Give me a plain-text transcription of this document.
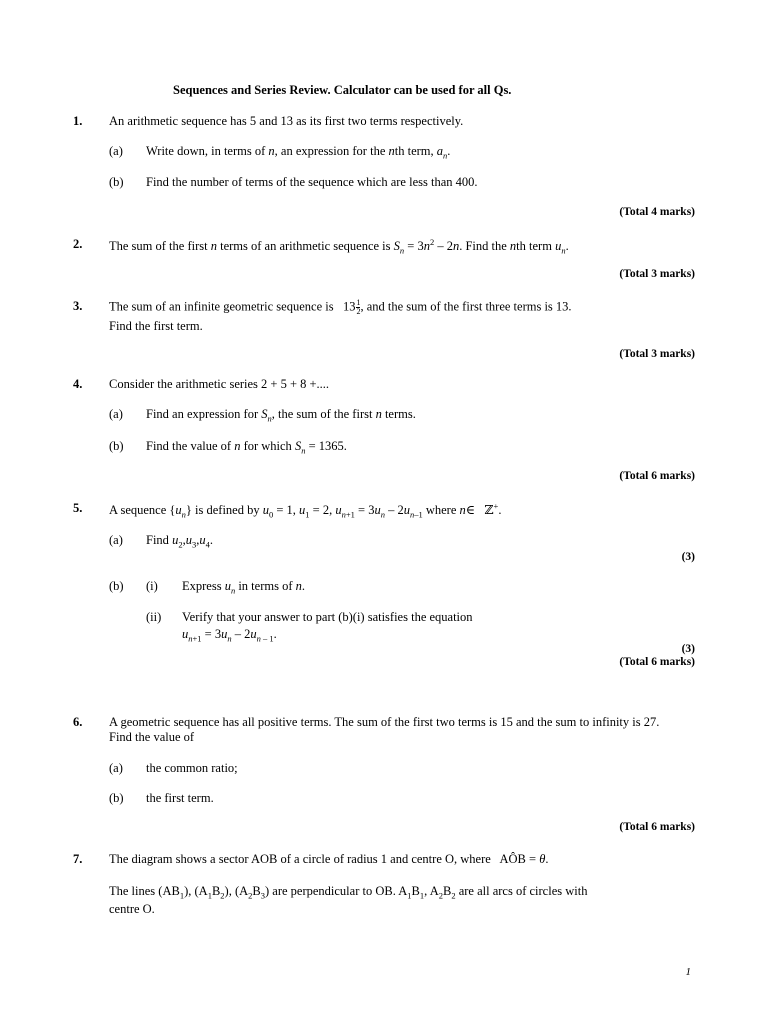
Sequences and Series Review. Calculator can be used for all Qs.
1. An arithmetic sequence has 5 and 13 as its first two terms respectively.
(a) Write down, in terms of n, an expression for the nth term, $a_n$.
(b) Find the number of terms of the sequence which are less than 400.
(Total 4 marks)
2. The sum of the first n terms of an arithmetic sequence is $S_n = 3n^2 - 2n$. Find the nth term $u_n$.
(Total 3 marks)
3. The sum of an infinite geometric sequence is $13 \frac{1}{2}$ , and the sum of the first three terms is 13.
Find the first term.
(Total 3 marks)
4. Consider the arithmetic series 2 + 5 + 8 +....
(a) Find an expression for $S_n$, the sum of the first n terms.
(b) Find the value of n for which $S_n = 1365$.
(Total 6 marks)
5. A sequence $\{u_n\}$ is defined by $u_0 = 1$, $u_1 = 2$, $u_{n+1} = 3u_n - 2u_{n-1}$ where n∈ ℤ+.
(a) Find $u_2,u_3,u_4$.
(3)
(b) (i) Express $u_n$ in terms of n.
(ii) Verify that your answer to part (b)(i) satisfies the equation
$u_{n+1} = 3u_n - 2u_{n - 1}$.
(3)
(Total 6 marks)
6. A geometric sequence has all positive terms. The sum of the first two terms is 15 and the sum to infinity is 27. Find the value of
(a) the common ratio;
(b) the first term.
(Total 6 marks)
7. The diagram shows a sector AOB of a circle of radius 1 and centre O, where AÔB = θ.
The lines $(AB_1)$, $(A_1B_2)$, $(A_2B_3)$ are perpendicular to OB. $A_1B_1$, $A_2B_2$ are all arcs of circles with
centre O.
1
